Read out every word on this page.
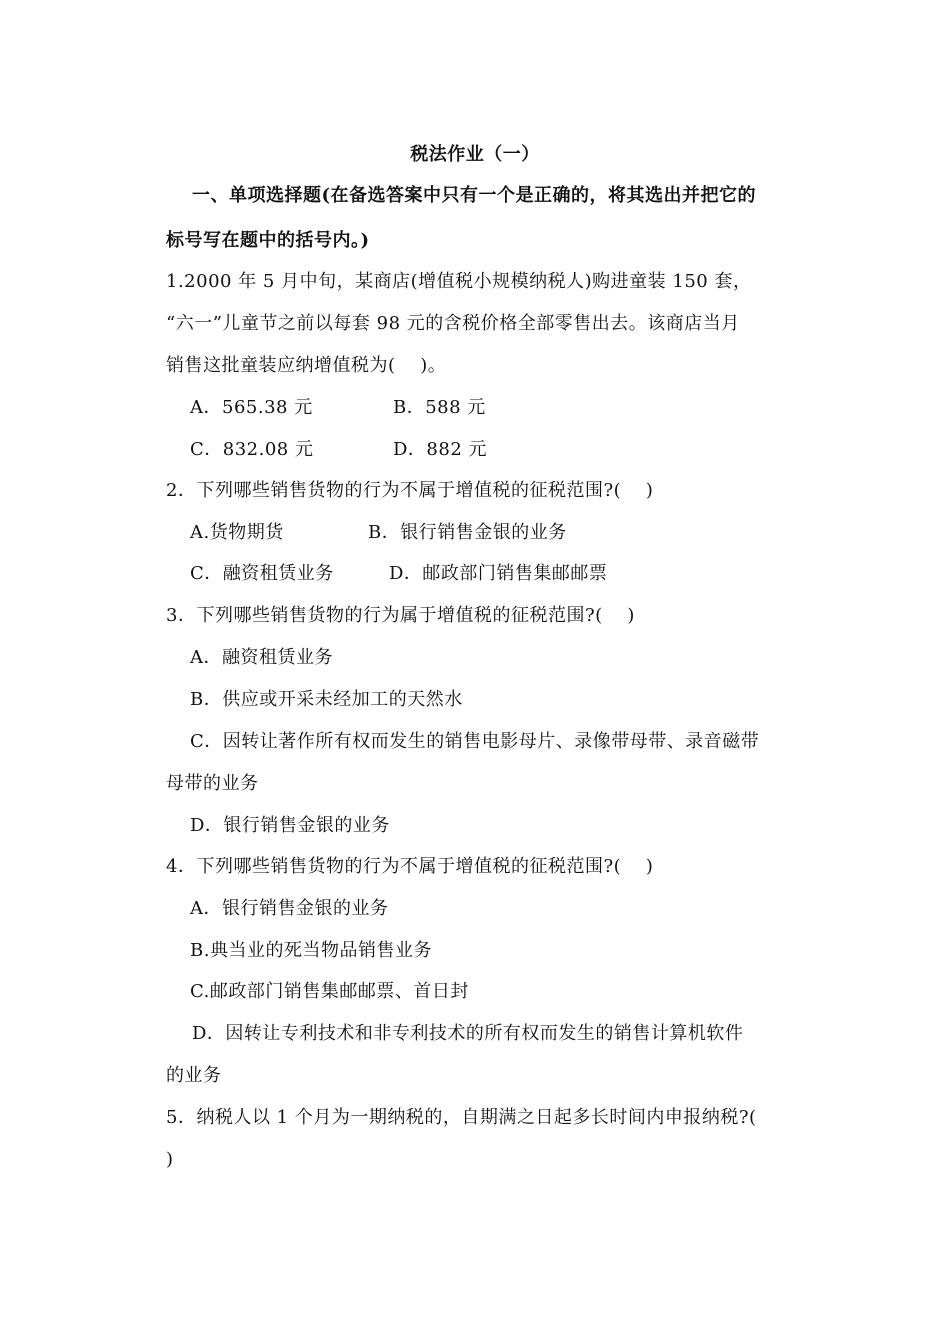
税法作业（一）
一、单项选择题(在备选答案中只有一个是正确的，将其选出并把它的
标号写在题中的括号内。)
1.2000 年 5 月中旬，某商店(增值税小规模纳税人)购进童装 150 套，
“六一”儿童节之前以每套 98 元的含税价格全部零售出去。该商店当月
销售这批童装应纳增值税为(　 )。
A．565.38 元	B．588 元
C．832.08 元	D．882 元
2．下列哪些销售货物的行为不属于增值税的征税范围?(　 )
A.货物期货	B．银行销售金银的业务
C．融资租赁业务	D．邮政部门销售集邮邮票
3．下列哪些销售货物的行为属于增值税的征税范围?(　 )
A．融资租赁业务
B．供应或开采未经加工的天然水
C．因转让著作所有权而发生的销售电影母片、录像带母带、录音磁带
母带的业务
D．银行销售金银的业务
4．下列哪些销售货物的行为不属于增值税的征税范围?(　 )
A．银行销售金银的业务
B.典当业的死当物品销售业务
C.邮政部门销售集邮邮票、首日封
D．因转让专利技术和非专利技术的所有权而发生的销售计算机软件
的业务
5．纳税人以 1 个月为一期纳税的，自期满之日起多长时间内申报纳税?(
)
